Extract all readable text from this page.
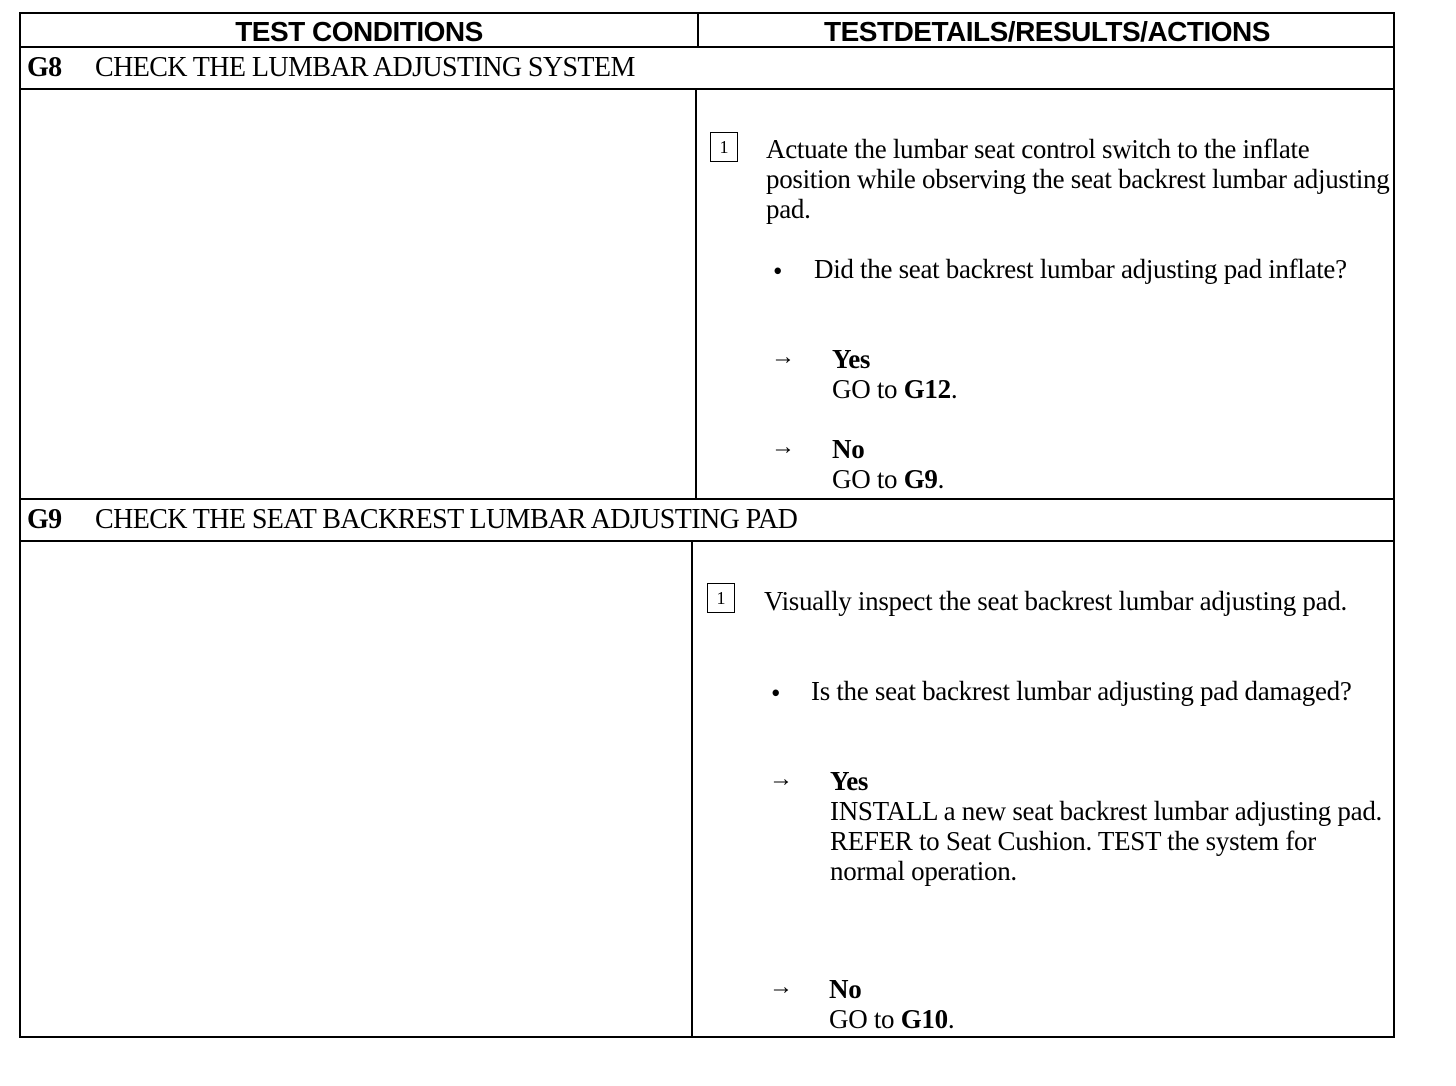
TEST CONDITIONS	TESTDETAILS/RESULTS/ACTIONS
G8 CHECK THE LUMBAR ADJUSTING SYSTEM
1	Actuate the lumbar seat control switch to the inflate position while observing the seat backrest lumbar adjusting pad.
• Did the seat backrest lumbar adjusting pad inflate?
→ Yes
GO to G12.
→ No
GO to G9.
G9 CHECK THE SEAT BACKREST LUMBAR ADJUSTING PAD
1	Visually inspect the seat backrest lumbar adjusting pad.
• Is the seat backrest lumbar adjusting pad damaged?
→ Yes
INSTALL a new seat backrest lumbar adjusting pad. REFER to Seat Cushion. TEST the system for normal operation.
→ No
GO to G10.
